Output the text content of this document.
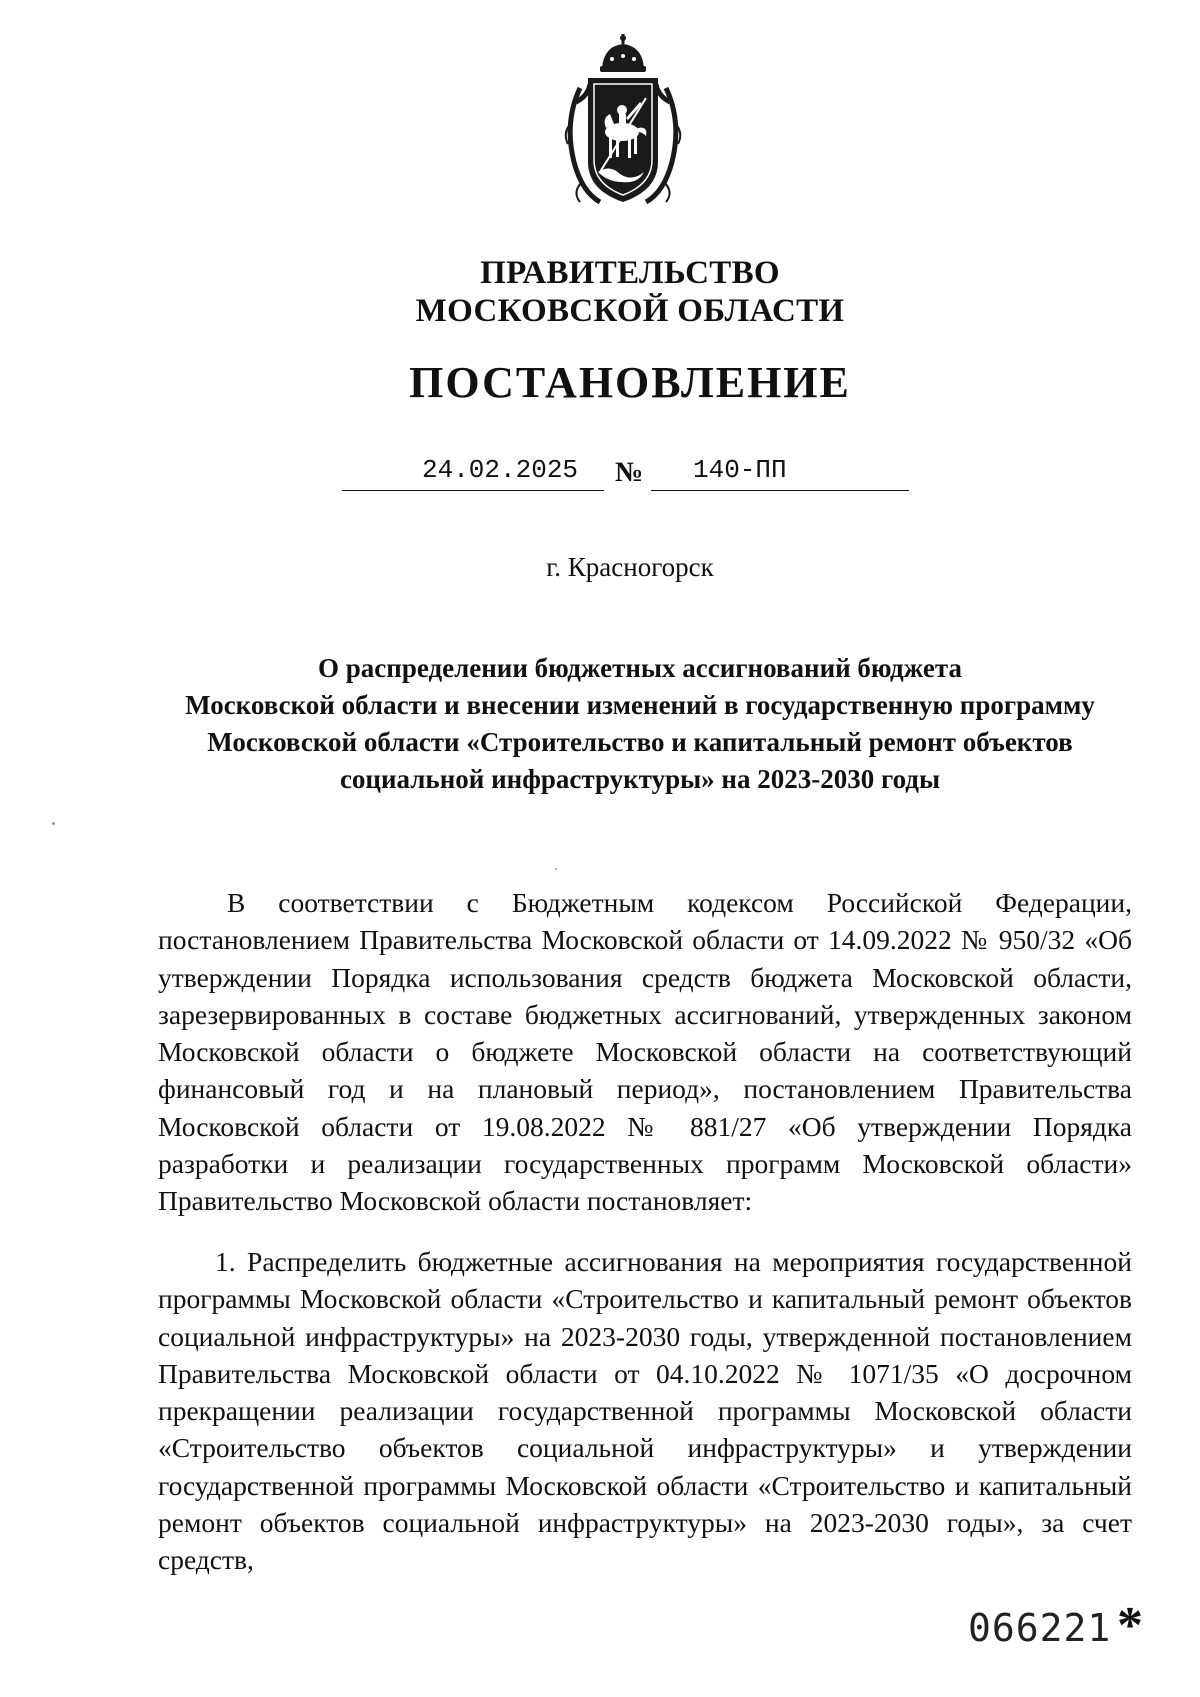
ПРАВИТЕЛЬСТВО
МОСКОВСКОЙ ОБЛАСТИ
ПОСТАНОВЛЕНИЕ
24.02.2025 № 140-ПП
г. Красногорск
О распределении бюджетных ассигнований бюджета
Московской области и внесении изменений в государственную программу
Московской области «Строительство и капитальный ремонт объектов
социальной инфраструктуры» на 2023-2030 годы
В соответствии с Бюджетным кодексом Российской Федерации, постановлением Правительства Московской области от 14.09.2022 № 950/32 «Об утверждении Порядка использования средств бюджета Московской области, зарезервированных в составе бюджетных ассигнований, утвержденных законом Московской области о бюджете Московской области на соответствующий финансовый год и на плановый период», постановлением Правительства Московской области от 19.08.2022 № 881/27 «Об утверждении Порядка разработки и реализации государственных программ Московской области» Правительство Московской области постановляет:
1. Распределить бюджетные ассигнования на мероприятия государственной программы Московской области «Строительство и капитальный ремонт объектов социальной инфраструктуры» на 2023-2030 годы, утвержденной постановлением Правительства Московской области от 04.10.2022 № 1071/35 «О досрочном прекращении реализации государственной программы Московской области «Строительство объектов социальной инфраструктуры» и утверждении государственной программы Московской области «Строительство и капитальный ремонт объектов социальной инфраструктуры» на 2023-2030 годы», за счет средств,
066221 *
